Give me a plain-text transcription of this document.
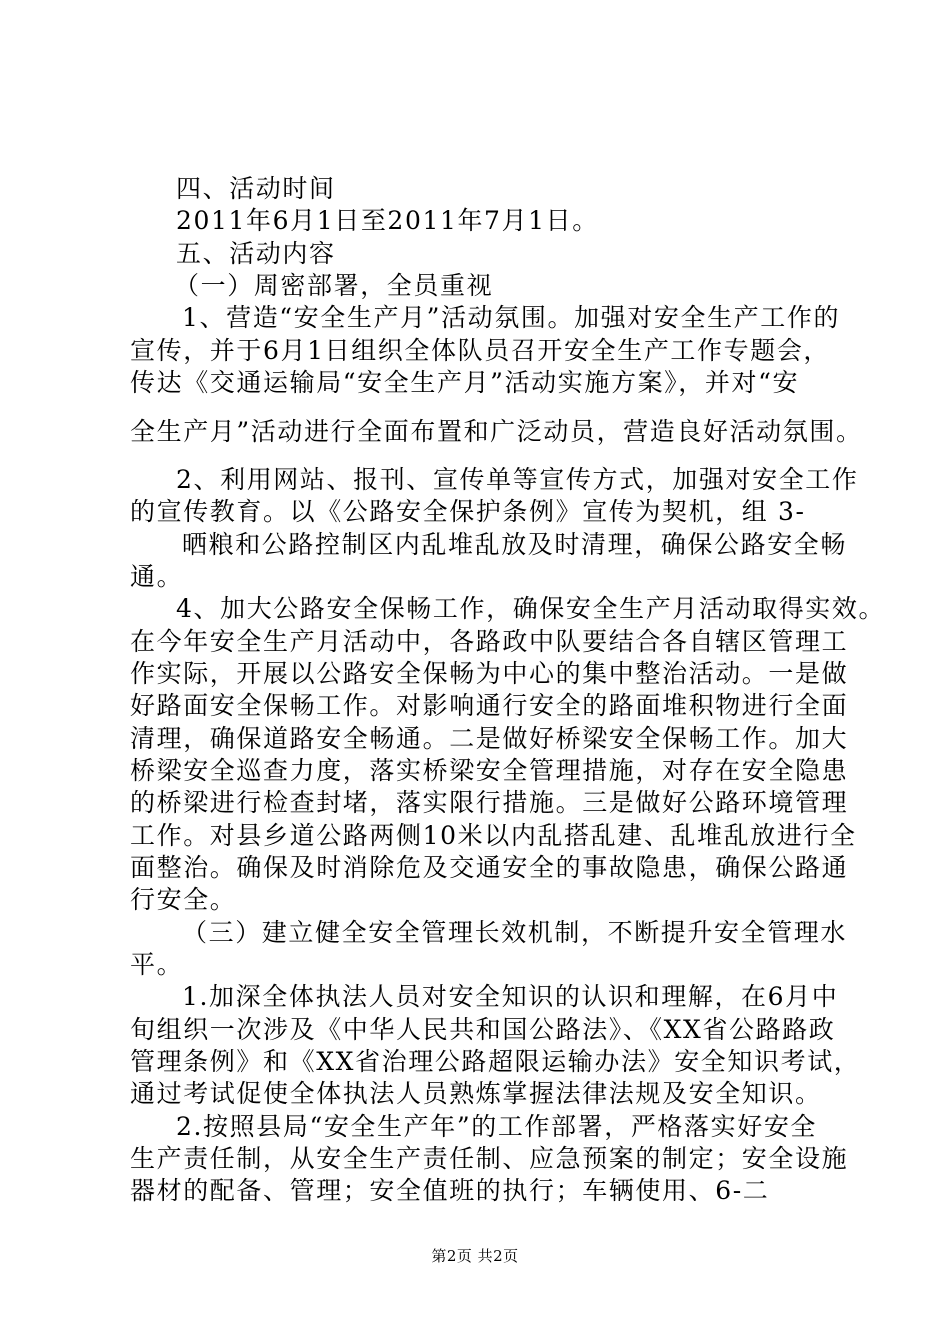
四、活动时间
2011年6月1日至2011年7月1日。
五、活动内容
（一）周密部署，全员重视
1、营造“安全生产月”活动氛围。加强对安全生产工作的
宣传，并于6月1日组织全体队员召开安全生产工作专题会，
传达《交通运输局“安全生产月”活动实施方案》，并对“安
全生产月”活动进行全面布置和广泛动员，营造良好活动氛围。
2、利用网站、报刊、宣传单等宣传方式，加强对安全工作
的宣传教育。以《公路安全保护条例》宣传为契机，组 3-
晒粮和公路控制区内乱堆乱放及时清理，确保公路安全畅
通。
4、加大公路安全保畅工作，确保安全生产月活动取得实效。
在今年安全生产月活动中，各路政中队要结合各自辖区管理工
作实际，开展以公路安全保畅为中心的集中整治活动。一是做
好路面安全保畅工作。对影响通行安全的路面堆积物进行全面
清理，确保道路安全畅通。二是做好桥梁安全保畅工作。加大
桥梁安全巡查力度，落实桥梁安全管理措施，对存在安全隐患
的桥梁进行检查封堵，落实限行措施。三是做好公路环境管理
工作。对县乡道公路两侧10米以内乱搭乱建、乱堆乱放进行全
面整治。确保及时消除危及交通安全的事故隐患，确保公路通
行安全。
（三）建立健全安全管理长效机制，不断提升安全管理水
平。
1.加深全体执法人员对安全知识的认识和理解，在6月中
旬组织一次涉及《中华人民共和国公路法》、《XX省公路路政
管理条例》和《XX省治理公路超限运输办法》安全知识考试，
通过考试促使全体执法人员熟炼掌握法律法规及安全知识。
2.按照县局“安全生产年”的工作部署，严格落实好安全
生产责任制，从安全生产责任制、应急预案的制定；安全设施
器材的配备、管理；安全值班的执行；车辆使用、6-二
第2页 共2页
